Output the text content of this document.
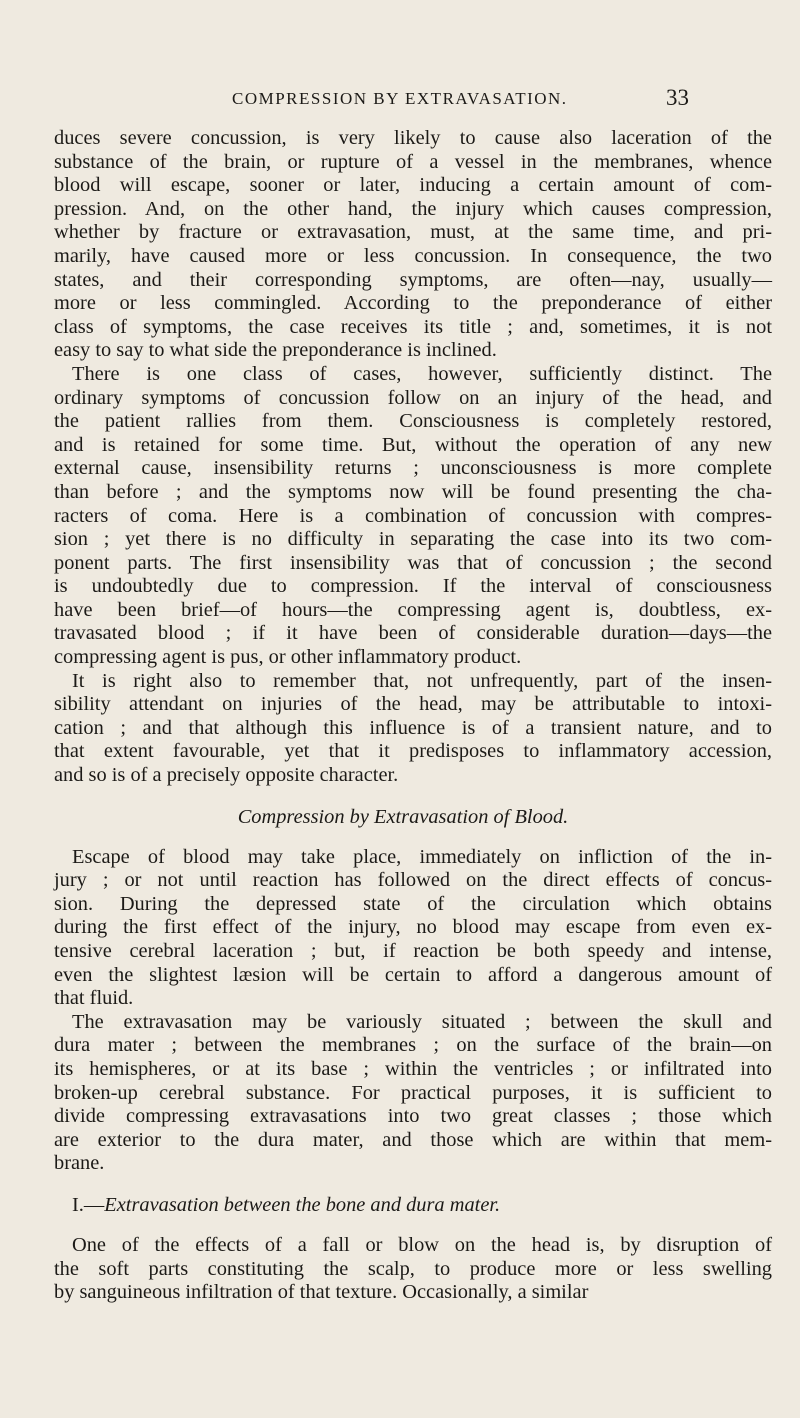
COMPRESSION BY EXTRAVASATION.	33
duces severe concussion, is very likely to cause also laceration of the
substance of the brain, or rupture of a vessel in the membranes, whence
blood will escape, sooner or later, inducing a certain amount of com-
pression. And, on the other hand, the injury which causes compression,
whether by fracture or extravasation, must, at the same time, and pri-
marily, have caused more or less concussion. In consequence, the two
states, and their corresponding symptoms, are often—nay, usually—
more or less commingled. According to the preponderance of either
class of symptoms, the case receives its title ; and, sometimes, it is not
easy to say to what side the preponderance is inclined.
There is one class of cases, however, sufficiently distinct. The
ordinary symptoms of concussion follow on an injury of the head, and
the patient rallies from them. Consciousness is completely restored,
and is retained for some time. But, without the operation of any new
external cause, insensibility returns ; unconsciousness is more complete
than before ; and the symptoms now will be found presenting the cha-
racters of coma. Here is a combination of concussion with compres-
sion ; yet there is no difficulty in separating the case into its two com-
ponent parts. The first insensibility was that of concussion ; the second
is undoubtedly due to compression. If the interval of consciousness
have been brief—of hours—the compressing agent is, doubtless, ex-
travasated blood ; if it have been of considerable duration—days—the
compressing agent is pus, or other inflammatory product.
It is right also to remember that, not unfrequently, part of the insen-
sibility attendant on injuries of the head, may be attributable to intoxi-
cation ; and that although this influence is of a transient nature, and to
that extent favourable, yet that it predisposes to inflammatory accession,
and so is of a precisely opposite character.
Compression by Extravasation of Blood.
Escape of blood may take place, immediately on infliction of the in-
jury ; or not until reaction has followed on the direct effects of concus-
sion. During the depressed state of the circulation which obtains
during the first effect of the injury, no blood may escape from even ex-
tensive cerebral laceration ; but, if reaction be both speedy and intense,
even the slightest læsion will be certain to afford a dangerous amount of
that fluid.
The extravasation may be variously situated ; between the skull and
dura mater ; between the membranes ; on the surface of the brain—on
its hemispheres, or at its base ; within the ventricles ; or infiltrated into
broken-up cerebral substance. For practical purposes, it is sufficient to
divide compressing extravasations into two great classes ; those which
are exterior to the dura mater, and those which are within that mem-
brane.
I.—Extravasation between the bone and dura mater.
One of the effects of a fall or blow on the head is, by disruption of
the soft parts constituting the scalp, to produce more or less swelling
by sanguineous infiltration of that texture. Occasionally, a similar
